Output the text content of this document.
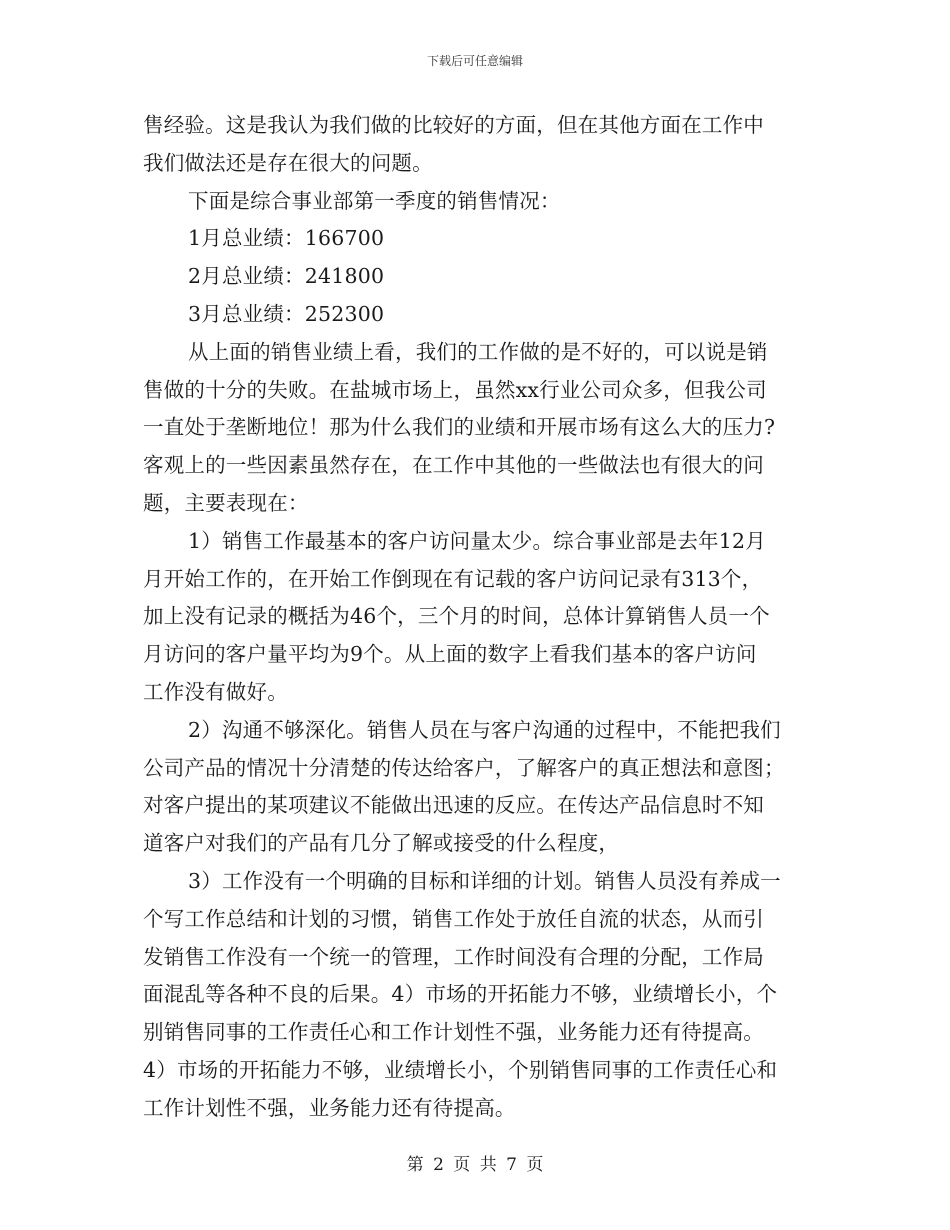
下载后可任意编辑
售经验。这是我认为我们做的比较好的方面，但在其他方面在工作中
我们做法还是存在很大的问题。
下面是综合事业部第一季度的销售情况：
1月总业绩：166700
2月总业绩：241800
3月总业绩：252300
从上面的销售业绩上看，我们的工作做的是不好的，可以说是销
售做的十分的失败。在盐城市场上，虽然xx行业公司众多，但我公司
一直处于垄断地位！那为什么我们的业绩和开展市场有这么大的压力?
客观上的一些因素虽然存在，在工作中其他的一些做法也有很大的问
题，主要表现在：
1）销售工作最基本的客户访问量太少。综合事业部是去年12月
月开始工作的，在开始工作倒现在有记载的客户访问记录有313个，
加上没有记录的概括为46个，三个月的时间，总体计算销售人员一个
月访问的客户量平均为9个。从上面的数字上看我们基本的客户访问
工作没有做好。
2）沟通不够深化。销售人员在与客户沟通的过程中，不能把我们
公司产品的情况十分清楚的传达给客户，了解客户的真正想法和意图；
对客户提出的某项建议不能做出迅速的反应。在传达产品信息时不知
道客户对我们的产品有几分了解或接受的什么程度，
3）工作没有一个明确的目标和详细的计划。销售人员没有养成一
个写工作总结和计划的习惯，销售工作处于放任自流的状态，从而引
发销售工作没有一个统一的管理，工作时间没有合理的分配，工作局
面混乱等各种不良的后果。4）市场的开拓能力不够，业绩增长小，个
别销售同事的工作责任心和工作计划性不强，业务能力还有待提高。
4）市场的开拓能力不够，业绩增长小，个别销售同事的工作责任心和
工作计划性不强，业务能力还有待提高。
第 2 页 共 7 页
